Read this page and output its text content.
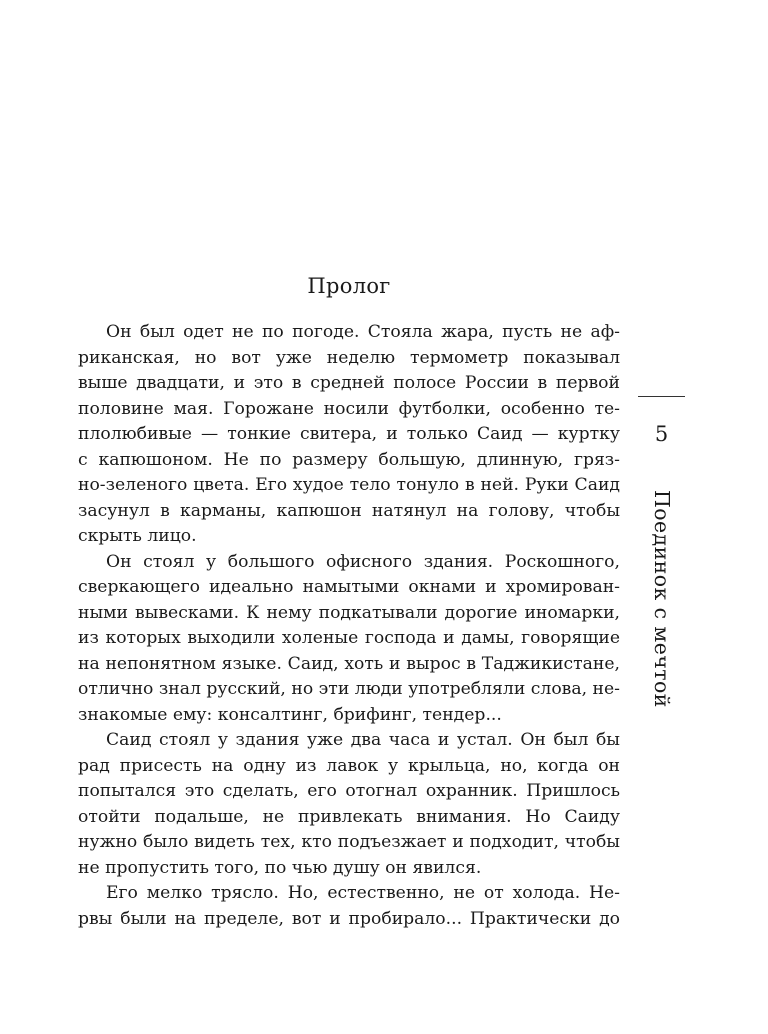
Пролог
Он был одет не по погоде. Стояла жара, пусть не аф-
риканская, но вот уже неделю термометр показывал
выше двадцати, и это в средней полосе России в первой
половине мая. Горожане носили футболки, особенно те-
плолюбивые — тонкие свитера, и только Саид — куртку
с капюшоном. Не по размеру большую, длинную, гряз-
но-зеленого цвета. Его худое тело тонуло в ней. Руки Саид
засунул в карманы, капюшон натянул на голову, чтобы
скрыть лицо.
Он стоял у большого офисного здания. Роскошного,
сверкающего идеально намытыми окнами и хромирован-
ными вывесками. К нему подкатывали дорогие иномарки,
из которых выходили холеные господа и дамы, говорящие
на непонятном языке. Саид, хоть и вырос в Таджикистане,
отлично знал русский, но эти люди употребляли слова, не-
знакомые ему: консалтинг, брифинг, тендер...
Саид стоял у здания уже два часа и устал. Он был бы
рад присесть на одну из лавок у крыльца, но, когда он
попытался это сделать, его отогнал охранник. Пришлось
отойти подальше, не привлекать внимания. Но Саиду
нужно было видеть тех, кто подъезжает и подходит, чтобы
не пропустить того, по чью душу он явился.
Его мелко трясло. Но, естественно, не от холода. Не-
рвы были на пределе, вот и пробирало... Практически до
5
Поединок с мечтой
